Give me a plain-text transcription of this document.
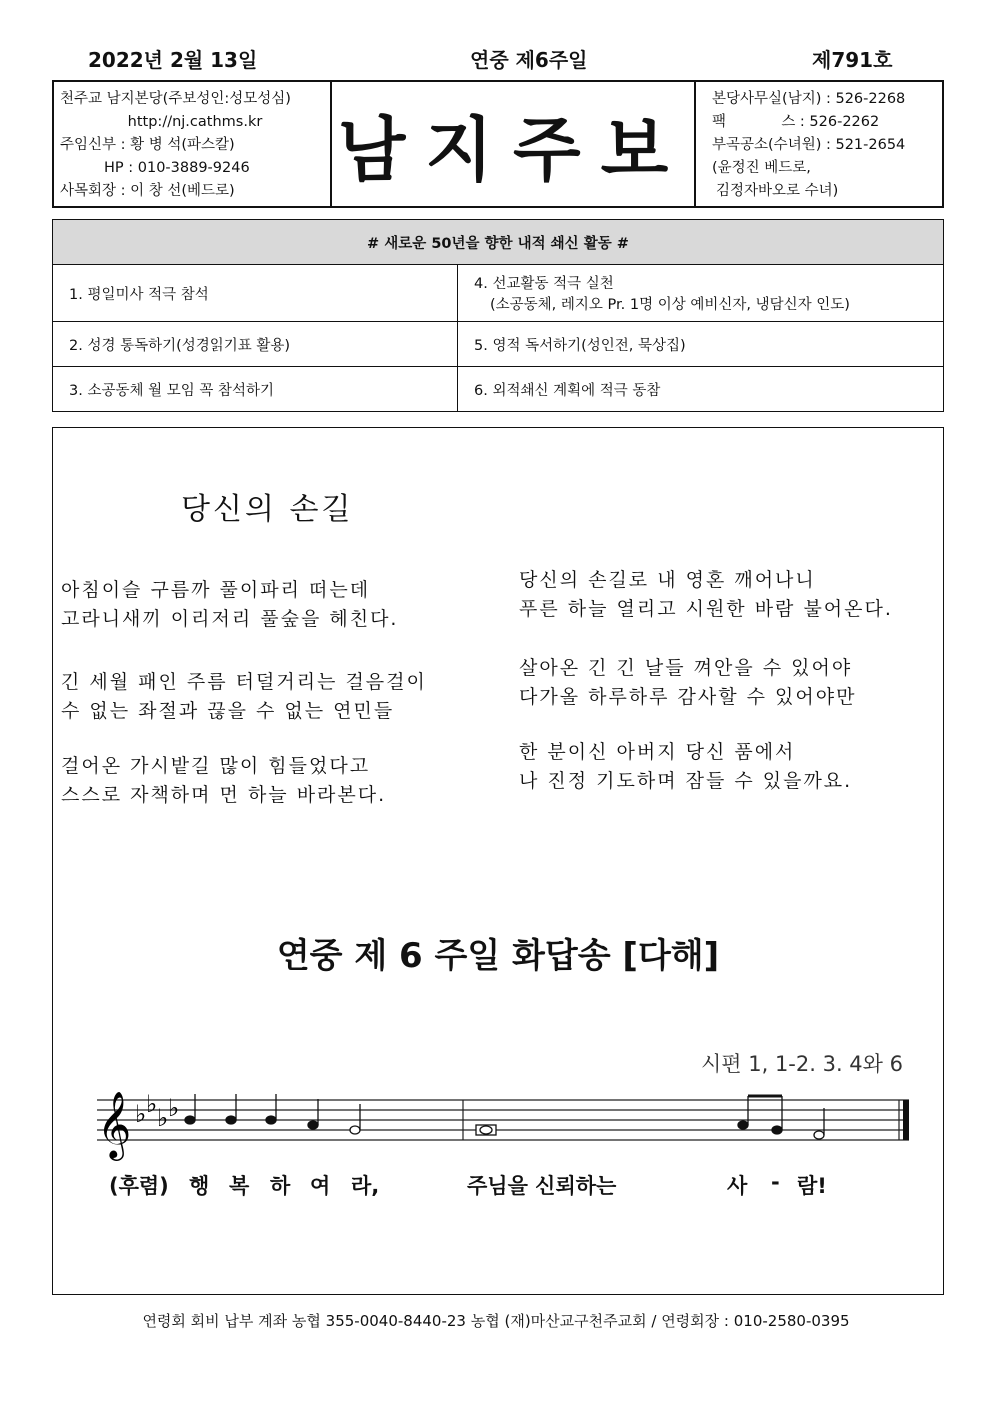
2022년 2월 13일	연중 제6주일	제791호
천주교 남지본당(주보성인:성모성심)
http://nj.cathms.kr
주임신부 : 황 병 석(파스칼)
HP : 010-3889-9246
사목회장 : 이 창 선(베드로)
남지주보
본당사무실(남지) : 526-2268
팩            스 : 526-2262
부곡공소(수녀원) : 521-2654
(윤정진 베드로,
김정자바오로 수녀)
# 새로운 50년을 향한 내적 쇄신 활동 #	
1. 평일미사 적극 참석	4. 선교활동 적극 실천
(소공동체, 레지오 Pr. 1명 이상 예비신자, 냉담신자 인도)

2. 성경 통독하기(성경읽기표 활용)	5. 영적 독서하기(성인전, 묵상집)
3. 소공동체 월 모임 꼭 참석하기	6. 외적쇄신 계획에 적극 동참
당신의 손길
아침이슬 구름까 풀이파리 떠는데
고라니새끼 이리저리 풀숲을 헤친다.
긴 세월 패인 주름 터덜거리는 걸음걸이
수 없는 좌절과 끊을 수 없는 연민들
걸어온 가시밭길 많이 힘들었다고
스스로 자책하며 먼 하늘 바라본다.
당신의 손길로 내 영혼 깨어나니
푸른 하늘 열리고 시원한 바람 불어온다.
살아온 긴 긴 날들 껴안을 수 있어야
다가올 하루하루 감사할 수 있어야만
한 분이신 아버지 당신 품에서
나 진정 기도하며 잠들 수 있을까요.
연중 제 6 주일 화답송 [다해]
시편 1, 1-2. 3. 4와 6
𝄞 ♭ ♭ ♭ ♭
(후렴) 행 복 하 여 라,	주님을 신뢰하는	사 - 람!
연령회 회비 납부 계좌 농협 355-0040-8440-23 농협 (재)마산교구천주교회 / 연령회장 : 010-2580-0395
